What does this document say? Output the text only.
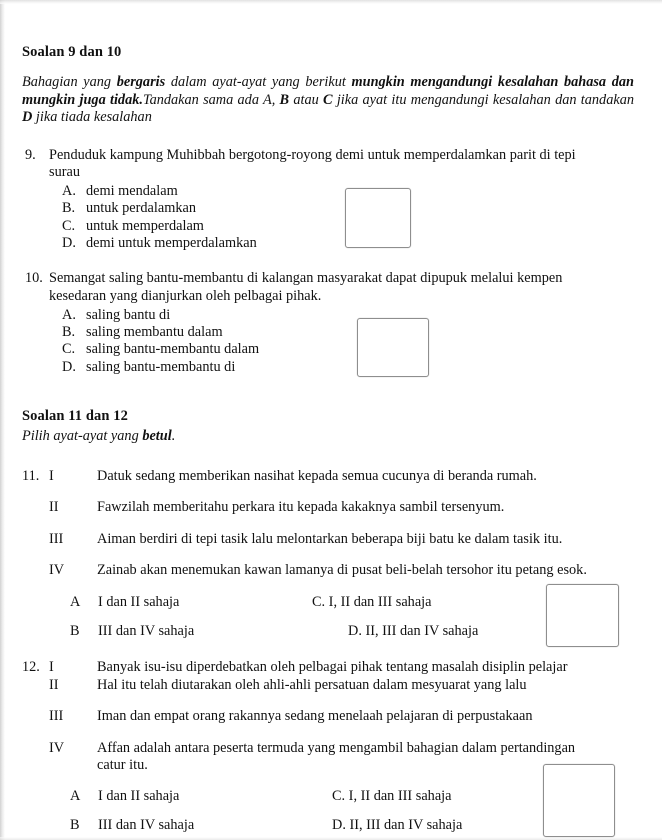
Soalan 9 dan 10
Bahagian yang bergaris dalam ayat-ayat yang berikut mungkin mengandungi kesalahan bahasa dan mungkin juga tidak.Tandakan sama ada A, B atau C jika ayat itu mengandungi kesalahan dan tandakan D jika tiada kesalahan
9. Penduduk kampung Muhibbah bergotong-royong demi untuk memperdalamkan parit di tepi
surau
A. demi mendalam
B. untuk perdalamkan
C. untuk memperdalam
D. demi untuk memperdalamkan
10. Semangat saling bantu-membantu di kalangan masyarakat dapat dipupuk melalui kempen
kesedaran yang dianjurkan oleh pelbagai pihak.
A. saling bantu di
B. saling membantu dalam
C. saling bantu-membantu dalam
D. saling bantu-membantu di
Soalan 11 dan 12
Pilih ayat-ayat yang betul.
11. I	Datuk sedang memberikan nasihat kepada semua cucunya di beranda rumah.
II	Fawzilah memberitahu perkara itu kepada kakaknya sambil tersenyum.
III	Aiman berdiri di tepi tasik lalu melontarkan beberapa biji batu ke dalam tasik itu.
IV	Zainab akan menemukan kawan lamanya di pusat beli-belah tersohor itu petang esok.
A I dan II sahaja	C. I, II dan III sahaja
B III dan IV sahaja	D. II, III dan IV sahaja
12. I	Banyak isu-isu diperdebatkan oleh pelbagai pihak tentang masalah disiplin pelajar
II	Hal itu telah diutarakan oleh ahli-ahli persatuan dalam mesyuarat yang lalu
III	Iman dan empat orang rakannya sedang menelaah pelajaran di perpustakaan
IV	Affan adalah antara peserta termuda yang mengambil bahagian dalam pertandingan
catur itu.
A I dan II sahaja	C. I, II dan III sahaja
B III dan IV sahaja	D. II, III dan IV sahaja
